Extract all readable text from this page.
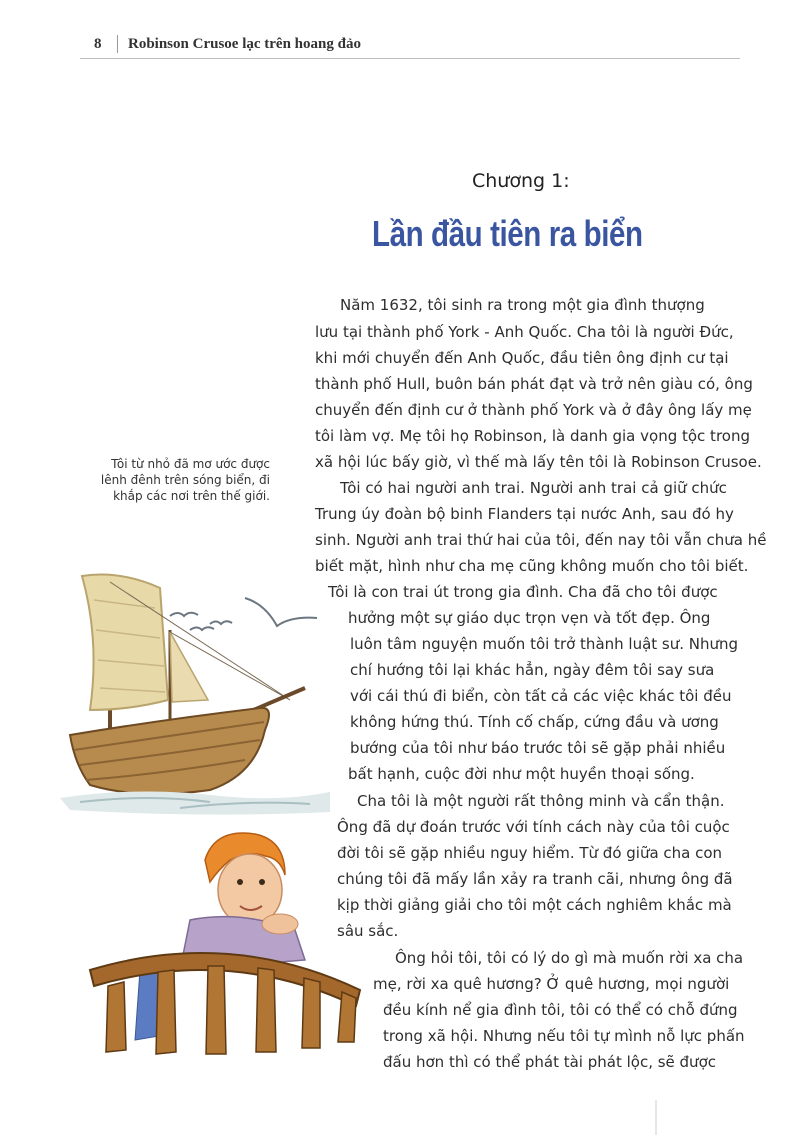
8 Robinson Crusoe lạc trên hoang đảo
Chương 1:
Lần đầu tiên ra biển
Tôi từ nhỏ đã mơ ước được
lênh đênh trên sóng biển, đi
khắp các nơi trên thế giới.
Năm 1632, tôi sinh ra trong một gia đình thượng
lưu tại thành phố York - Anh Quốc. Cha tôi là người Đức,
khi mới chuyển đến Anh Quốc, đầu tiên ông định cư tại
thành phố Hull, buôn bán phát đạt và trở nên giàu có, ông
chuyển đến định cư ở thành phố York và ở đây ông lấy mẹ
tôi làm vợ. Mẹ tôi họ Robinson, là danh gia vọng tộc trong
xã hội lúc bấy giờ, vì thế mà lấy tên tôi là Robinson Crusoe.
Tôi có hai người anh trai. Người anh trai cả giữ chức
Trung úy đoàn bộ binh Flanders tại nước Anh, sau đó hy
sinh. Người anh trai thứ hai của tôi, đến nay tôi vẫn chưa hề
biết mặt, hình như cha mẹ cũng không muốn cho tôi biết.
Tôi là con trai út trong gia đình. Cha đã cho tôi được
hưởng một sự giáo dục trọn vẹn và tốt đẹp. Ông
luôn tâm nguyện muốn tôi trở thành luật sư. Nhưng
chí hướng tôi lại khác hẳn, ngày đêm tôi say sưa
với cái thú đi biển, còn tất cả các việc khác tôi đều
không hứng thú. Tính cố chấp, cứng đầu và ương
bướng của tôi như báo trước tôi sẽ gặp phải nhiều
bất hạnh, cuộc đời như một huyền thoại sống.
Cha tôi là một người rất thông minh và cẩn thận.
Ông đã dự đoán trước với tính cách này của tôi cuộc
đời tôi sẽ gặp nhiều nguy hiểm. Từ đó giữa cha con
chúng tôi đã mấy lần xảy ra tranh cãi, nhưng ông đã
kịp thời giảng giải cho tôi một cách nghiêm khắc mà
sâu sắc.
Ông hỏi tôi, tôi có lý do gì mà muốn rời xa cha
mẹ, rời xa quê hương? Ở quê hương, mọi người
đều kính nể gia đình tôi, tôi có thể có chỗ đứng
trong xã hội. Nhưng nếu tôi tự mình nỗ lực phấn
đấu hơn thì có thể phát tài phát lộc, sẽ được
